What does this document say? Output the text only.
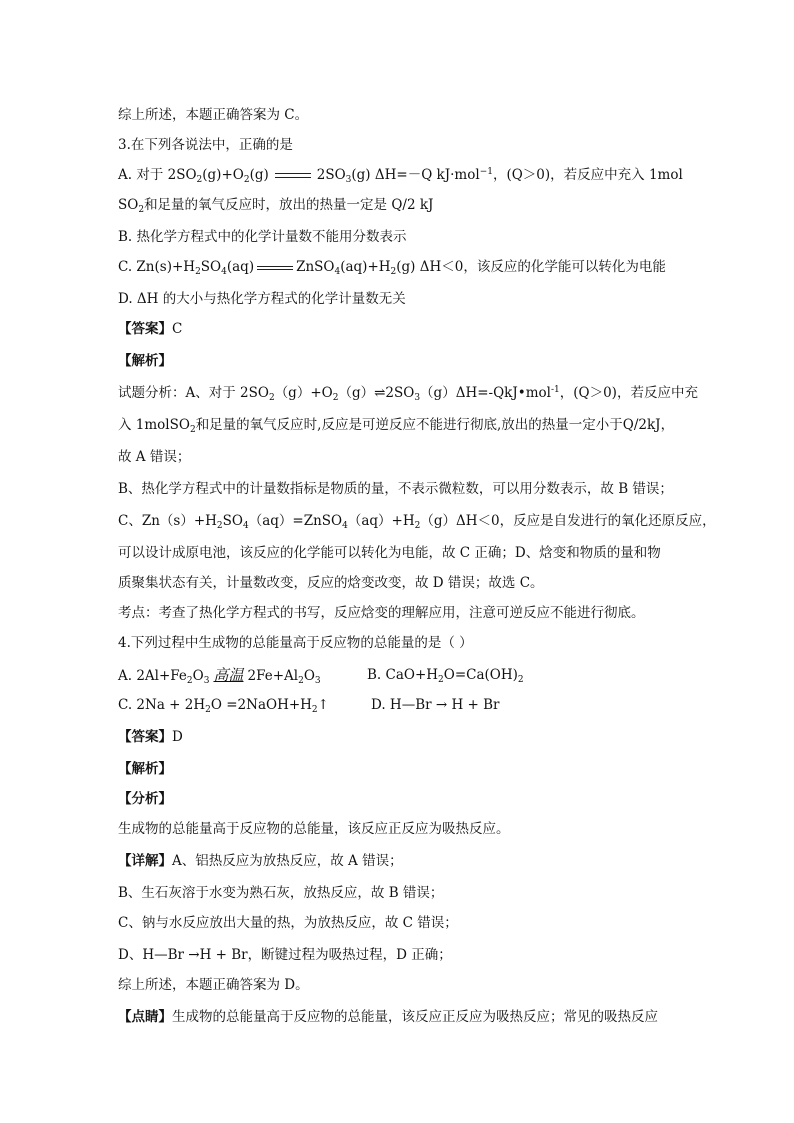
综上所述，本题正确答案为 C。
3.在下列各说法中，正确的是
A. 对于 $2SO_2(g)+O_2(g)$	$2SO_3(g)$ ΔH=－Q kJ·mol$^{-1}$，(Q＞0)，若反应中充入 1mol
$SO_2$和足量的氧气反应时，放出的热量一定是 Q/2 kJ
B. 热化学方程式中的化学计量数不能用分数表示
C. $Zn(s)+H_2SO_4(aq)$	$ZnSO_4(aq)+H_2(g)$ ΔH＜0，该反应的化学能可以转化为电能
D. ΔH 的大小与热化学方程式的化学计量数无关
【答案】C
【解析】
试题分析：A、对于 $2SO_2(g)+O_2(g)\rightleftharpoons 2SO_3(g)\Delta H=-QkJ•mol^{-1}$，(Q＞0)，若反应中充
入 1molSO$_2$和足量的氧气反应时,反应是可逆反应不能进行彻底,放出的热量一定小于Q/2kJ，
故 A 错误；
B、热化学方程式中的计量数指标是物质的量，不表示微粒数，可以用分数表示，故 B 错误；
C、$Zn(s)+H_2SO_4(aq)=ZnSO_4(aq)+H_2(g)\Delta H<0$，反应是自发进行的氧化还原反应，
可以设计成原电池，该反应的化学能可以转化为电能，故 C 正确；D、焓变和物质的量和物
质聚集状态有关，计量数改变，反应的焓变改变，故 D 错误；故选 C。
考点：考查了热化学方程式的书写，反应焓变的理解应用，注意可逆反应不能进行彻底。
4.下列过程中生成物的总能量高于反应物的总能量的是（ ）
A. $2Al+Fe_2O_3$ 高温 $2Fe+Al_2O_3$	B. $CaO+H_2O=Ca(OH)_2$
C. $2Na + 2H_2O$ $=2NaOH+H_2↑$	D. H—Br → H + Br
【答案】D
【解析】
【分析】
生成物的总能量高于反应物的总能量，该反应正反应为吸热反应。
【详解】A、铝热反应为放热反应，故 A 错误；
B、生石灰溶于水变为熟石灰，放热反应，故 B 错误；
C、钠与水反应放出大量的热，为放热反应，故 C 错误；
D、H—Br →H + Br，断键过程为吸热过程，D 正确；
综上所述，本题正确答案为 D。
【点睛】生成物的总能量高于反应物的总能量，该反应正反应为吸热反应；常见的吸热反应
